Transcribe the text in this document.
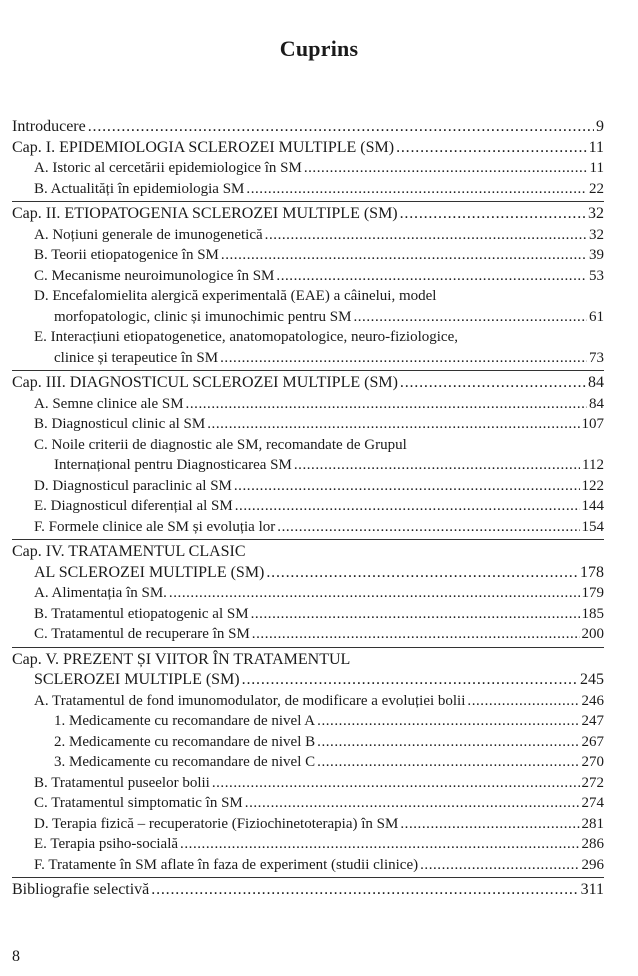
Cuprins
Introducere . . .	9
Cap. I. EPIDEMIOLOGIA SCLEROZEI MULTIPLE (SM) . . .	11
A. Istoric al cercetării epidemiologice în SM . . .	11
B. Actualități în epidemiologia SM . . .	22
Cap. II. ETIOPATOGENIA SCLEROZEI MULTIPLE (SM) . . .	32
A. Noțiuni generale de imunogenetică . . .	32
B. Teorii etiopatogenice în SM . . .	39
C. Mecanisme neuroimunologice în SM . . .	53
D. Encefalomielita alergică experimentală (EAE) a câinelui, model
morfopatologic, clinic și imunochimic pentru SM . . .	61
E. Interacțiuni etiopatogenetice, anatomopatologice, neuro-fiziologice,
clinice și terapeutice în SM . . .	73
Cap. III. DIAGNOSTICUL SCLEROZEI MULTIPLE (SM) . . .	84
A. Semne clinice ale SM . . .	84
B. Diagnosticul clinic al SM . . .	107
C. Noile criterii de diagnostic ale SM, recomandate de Grupul
Internațional pentru Diagnosticarea SM . . .	112
D. Diagnosticul paraclinic al SM . . .	122
E. Diagnosticul diferențial al SM . . .	144
F. Formele clinice ale SM și evoluția lor . . .	154
Cap. IV. TRATAMENTUL CLASIC
AL SCLEROZEI MULTIPLE (SM) . . .	178
A. Alimentația în SM. . . .	179
B. Tratamentul etiopatogenic al SM . . .	185
C. Tratamentul de recuperare în SM . . .	200
Cap. V. PREZENT ȘI VIITOR ÎN TRATAMENTUL
SCLEROZEI MULTIPLE (SM) . . .	245
A. Tratamentul de fond imunomodulator, de modificare a evoluției bolii . . .	246
1. Medicamente cu recomandare de nivel A . . .	247
2. Medicamente cu recomandare de nivel B . . .	267
3. Medicamente cu recomandare de nivel C . . .	270
B. Tratamentul puseelor bolii . . .	272
C. Tratamentul simptomatic în SM . . .	274
D. Terapia fizică – recuperatorie (Fiziochinetoterapia) în SM . . .	281
E. Terapia psiho-socială . . .	286
F. Tratamente în SM aflate în faza de experiment (studii clinice) . . .	296
Bibliografie selectivă . . .	311
8
